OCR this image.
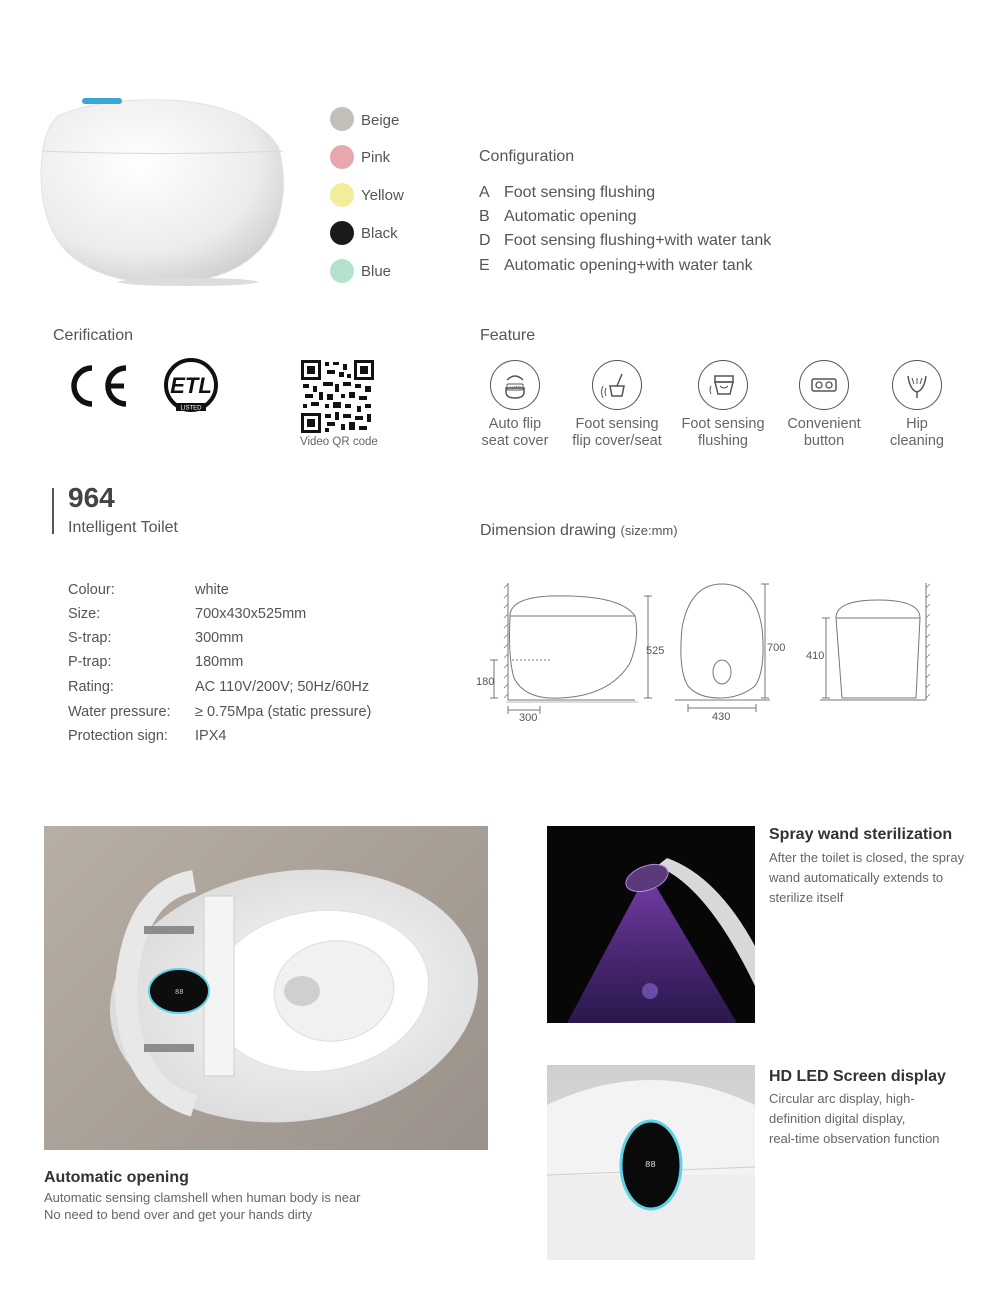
Beige
Pink
Yellow
Black
Blue
Configuration
A Foot sensing flushing
B Automatic opening
D Foot sensing flushing+with water tank
E Automatic opening+with water tank
Cerification
ETL
LISTED
Video QR code
Feature
AUTO
Auto flip
seat cover
Foot sensing
flip cover/seat
Foot sensing
flushing
Convenient
button
Hip
cleaning
964
Intelligent Toilet	Dimension drawing (size:mm)
525
180
300
700
430
410
Colour:	white
Size:	700x430x525mm
S-trap:	300mm
P-trap:	180mm
Rating:	AC 110V/200V; 50Hz/60Hz
Water pressure: ≥ 0.75Mpa (static pressure)
Protection sign: IPX4
88
Automatic opening
Automatic sensing clamshell when human body is near
No need to bend over and get your hands dirty
Spray wand sterilization
After the toilet is closed, the spray
wand automatically extends to
sterilize itself
88
HD LED Screen display
Circular arc display, high-
definition digital display,
real-time observation function
